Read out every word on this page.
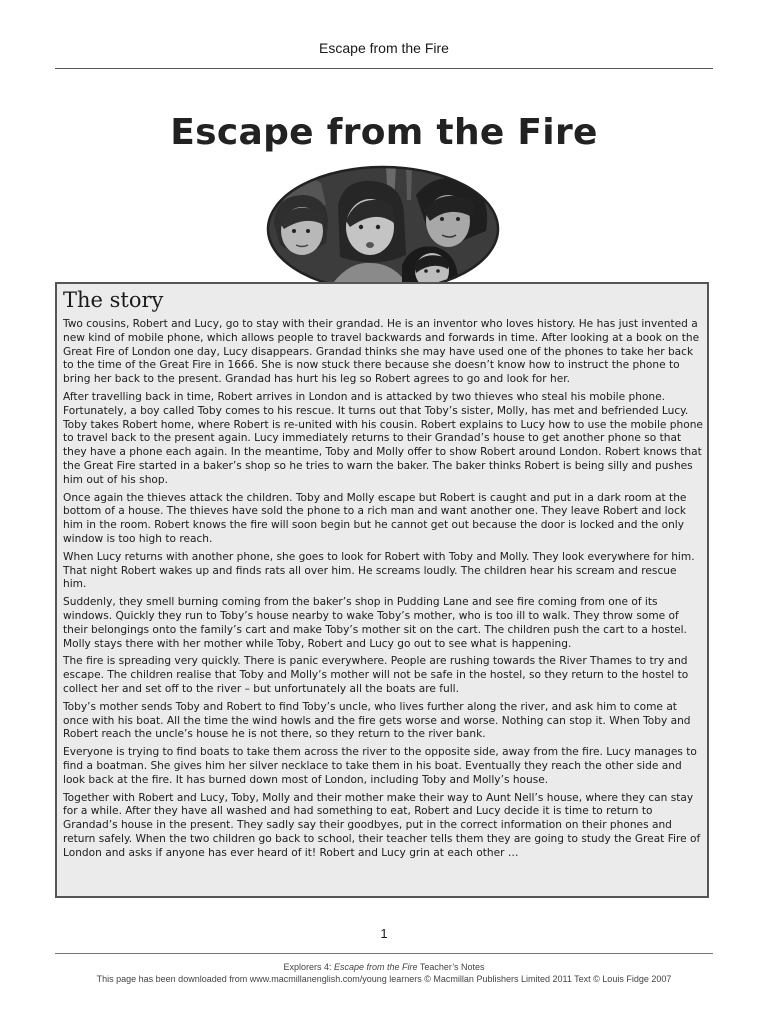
Escape from the Fire
Escape from the Fire
The story

Two cousins, Robert and Lucy, go to stay with their grandad. He is an inventor who loves history. He has just invented a new kind of mobile phone, which allows people to travel backwards and forwards in time. After looking at a book on the Great Fire of London one day, Lucy disappears. Grandad thinks she may have used one of the phones to take her back to the time of the Great Fire in 1666. She is now stuck there because she doesn’t know how to instruct the phone to bring her back to the present. Grandad has hurt his leg so Robert agrees to go and look for her.

After travelling back in time, Robert arrives in London and is attacked by two thieves who steal his mobile phone. Fortunately, a boy called Toby comes to his rescue. It turns out that Toby’s sister, Molly, has met and befriended Lucy. Toby takes Robert home, where Robert is re-united with his cousin. Robert explains to Lucy how to use the mobile phone to travel back to the present again. Lucy immediately returns to their Grandad’s house to get another phone so that they have a phone each again. In the meantime, Toby and Molly offer to show Robert around London. Robert knows that the Great Fire started in a baker’s shop so he tries to warn the baker. The baker thinks Robert is being silly and pushes him out of his shop.

Once again the thieves attack the children. Toby and Molly escape but Robert is caught and put in a dark room at the bottom of a house. The thieves have sold the phone to a rich man and want another one. They leave Robert and lock him in the room. Robert knows the fire will soon begin but he cannot get out because the door is locked and the only window is too high to reach.

When Lucy returns with another phone, she goes to look for Robert with Toby and Molly. They look everywhere for him. That night Robert wakes up and finds rats all over him. He screams loudly. The children hear his scream and rescue him.

Suddenly, they smell burning coming from the baker’s shop in Pudding Lane and see fire coming from one of its windows. Quickly they run to Toby’s house nearby to wake Toby’s mother, who is too ill to walk. They throw some of their belongings onto the family’s cart and make Toby’s mother sit on the cart. The children push the cart to a hostel. Molly stays there with her mother while Toby, Robert and Lucy go out to see what is happening.

The fire is spreading very quickly. There is panic everywhere. People are rushing towards the River Thames to try and escape. The children realise that Toby and Molly’s mother will not be safe in the hostel, so they return to the hostel to collect her and set off to the river – but unfortunately all the boats are full.

Toby’s mother sends Toby and Robert to find Toby’s uncle, who lives further along the river, and ask him to come at once with his boat. All the time the wind howls and the fire gets worse and worse. Nothing can stop it. When Toby and Robert reach the uncle’s house he is not there, so they return to the river bank.

Everyone is trying to find boats to take them across the river to the opposite side, away from the fire. Lucy manages to find a boatman. She gives him her silver necklace to take them in his boat. Eventually they reach the other side and look back at the fire. It has burned down most of London, including Toby and Molly’s house.

Together with Robert and Lucy, Toby, Molly and their mother make their way to Aunt Nell’s house, where they can stay for a while. After they have all washed and had something to eat, Robert and Lucy decide it is time to return to Grandad’s house in the present. They sadly say their goodbyes, put in the correct information on their phones and return safely. When the two children go back to school, their teacher tells them they are going to study the Great Fire of London and asks if anyone has ever heard of it! Robert and Lucy grin at each other …

1
Explorers 4: Escape from the Fire Teacher’s Notes
This page has been downloaded from www.macmillanenglish.com/young learners © Macmillan Publishers Limited 2011 Text © Louis Fidge 2007
